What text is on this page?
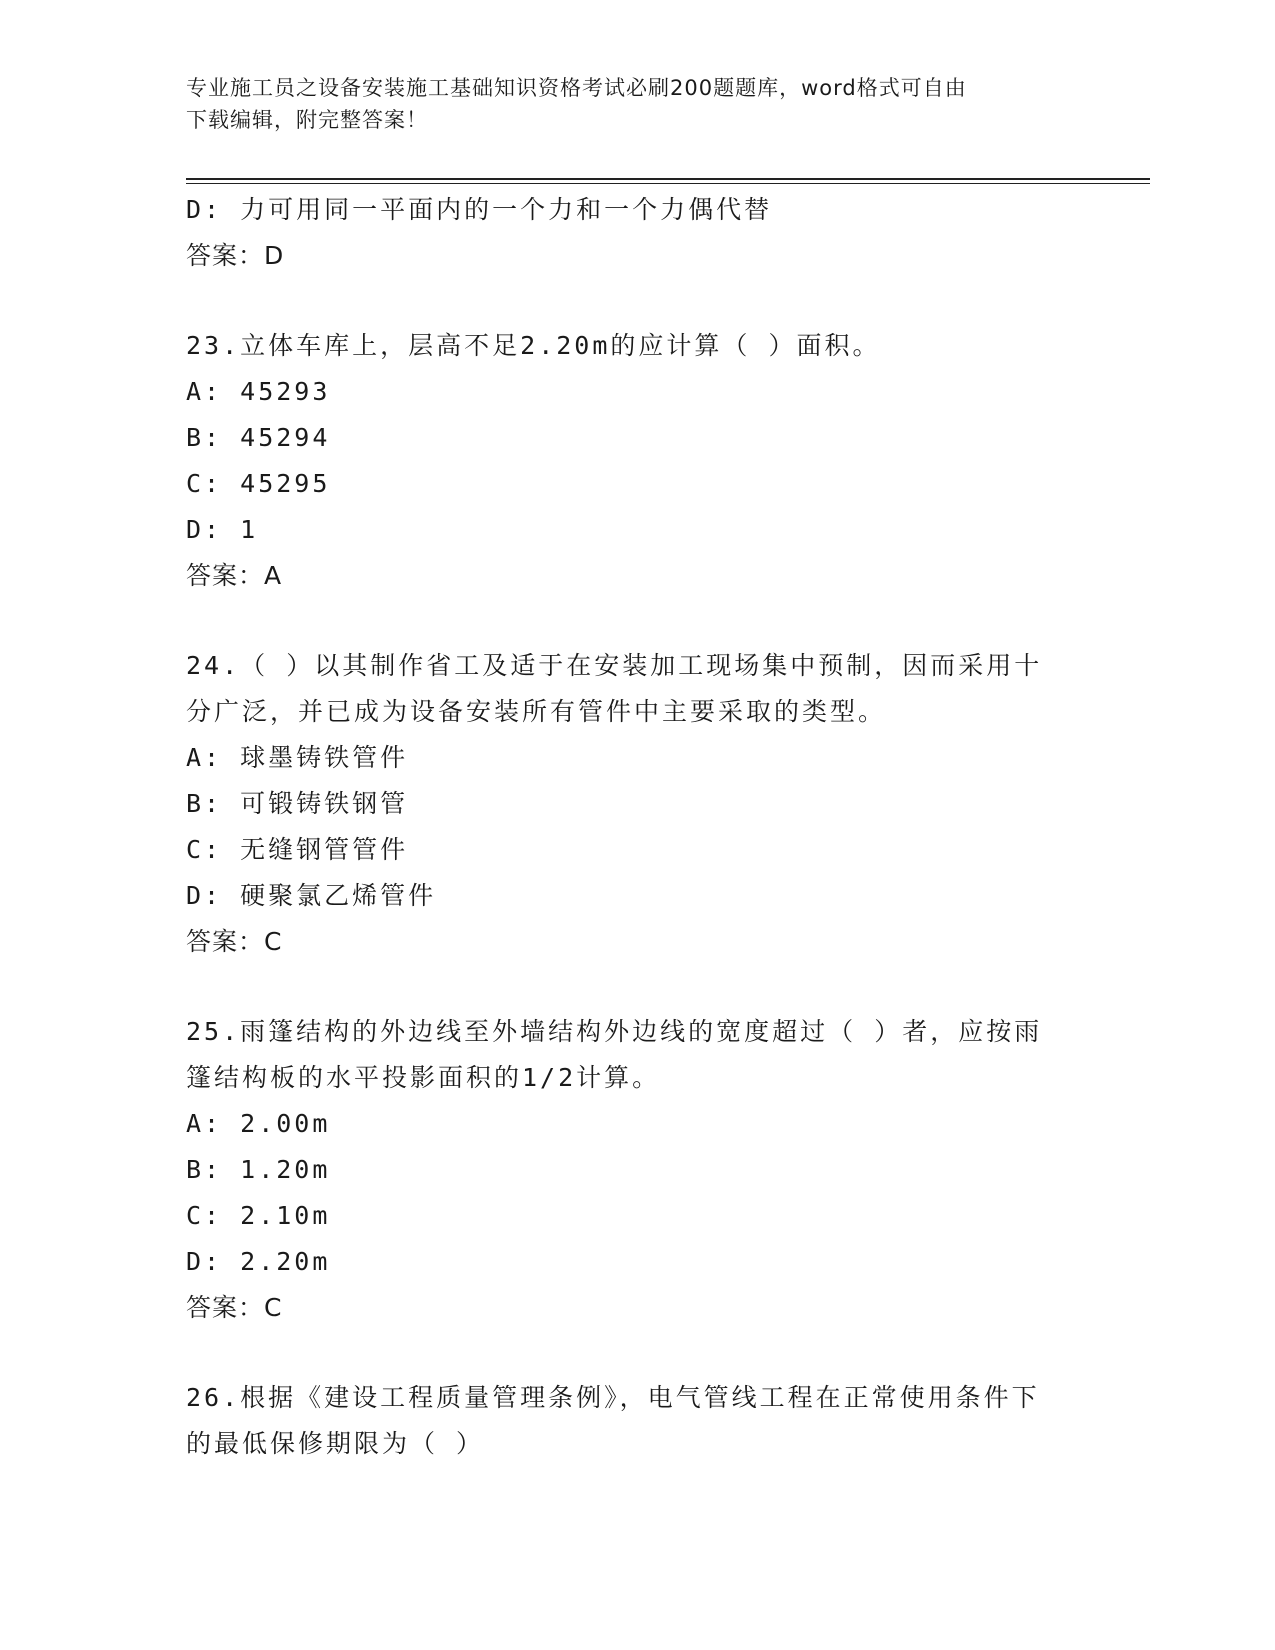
专业施工员之设备安装施工基础知识资格考试必刷200题题库，word格式可自由
下载编辑，附完整答案！
D: 力可用同一平面内的一个力和一个力偶代替
答案：D
23.立体车库上，层高不足2.20m的应计算（ ）面积。
A: 45293
B: 45294
C: 45295
D: 1
答案：A
24.（ ）以其制作省工及适于在安装加工现场集中预制，因而采用十
分广泛，并已成为设备安装所有管件中主要采取的类型。
A: 球墨铸铁管件
B: 可锻铸铁钢管
C: 无缝钢管管件
D: 硬聚氯乙烯管件
答案：C
25.雨篷结构的外边线至外墙结构外边线的宽度超过（ ）者，应按雨
篷结构板的水平投影面积的1/2计算。
A: 2.00m
B: 1.20m
C: 2.10m
D: 2.20m
答案：C
26.根据《建设工程质量管理条例》，电气管线工程在正常使用条件下
的最低保修期限为（ ）
